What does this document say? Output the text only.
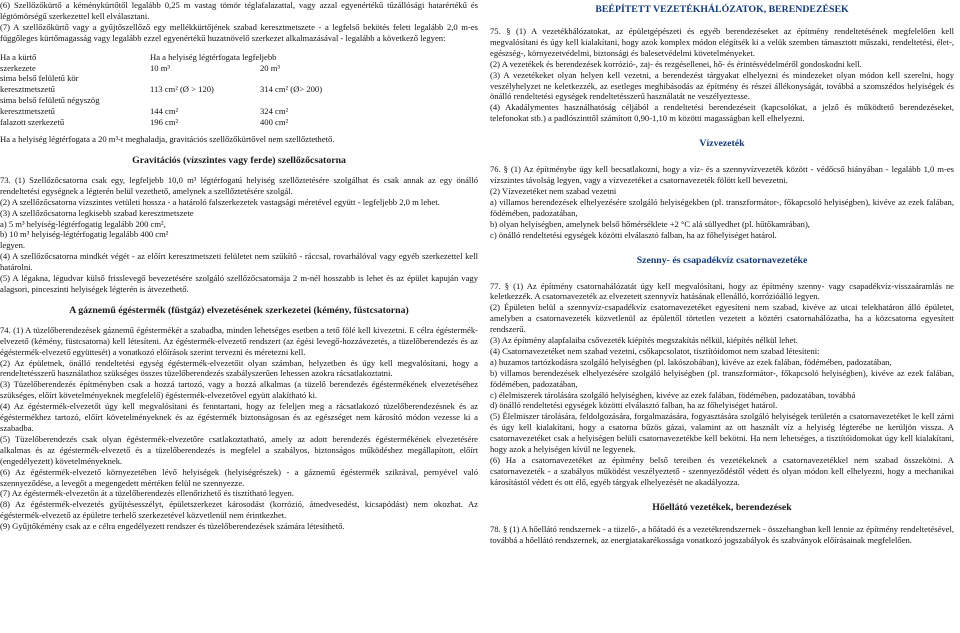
(6) Szellőzőkürtő a kéménykürtőtől legalább 0,25 m vastag tömör téglafalazattal, vagy azzal egyenértékű tűzállósági hatarértékű és légtömörségű szerkezettel kell elválasztani.

(7) A szellőzőkürtő vagy a gyűjtőszellőző egy mellékkürtőjének szabad keresztmetszete - a legfelső bekötés felett legalább 2,0 m-es függőleges kürtőmagasság vagy legalább ezzel egyenértékű huzatnövelő szerkezet alkalmazásával - legalább a következő legyen:

Ha a kürtő	Ha a helyiség légtérfogata legfeljebb	
szerkezete	10 m³	20 m³
sima belső felületű kör		
keresztmetszetű	113 cm² (Ø > 120)	314 cm² (Ø> 200)
sima belső felületű négyszög		
keresztmetszetű	144 cm²	324 cm²
falazott szerkezetű	196 cm²	400 cm²

Ha a helyiség légtérfogata a 20 m³-t meghaladja, gravitációs szellőzőkürtővel nem szellőztethető.

Gravitációs (vízszintes vagy ferde) szellőzőcsatorna

73. (1) Szellőzőcsatorna csak egy, legfeljebb 10,0 m³ légtérfogatú helyiség szellőztetésére szolgálhat és csak annak az egy önálló rendeltetési egységnek a légterén belül vezethető, amelynek a szellőztetésére szolgál.

(2) A szellőzőcsatorna vízszintes vetületi hossza - a határoló falszerkezetek vastagsági méretével együtt - legfeljebb 2,0 m lehet.

(3) A szellőzőcsatorna legkisebb szabad keresztmetszete

a) 5 m³ helyiség-légtérfogatig legalább 200 cm²,

b) 10 m³ helyiség-légtérfogatig legalább 400 cm²

legyen.

(4) A szellőzőcsatorna mindkét végét - az előírt keresztmetszeti felületet nem szűkítő - ráccsal, rovarhálóval vagy egyéb szerkezettel kell határolni.

(5) A légakna, légudvar külső frisslevegő bevezetésére szolgáló szellőzőcsatornája 2 m-nél hosszabb is lehet és az épület kapuján vagy alagsori, pinceszinti helyiségek légterén is átvezethető.

A gáznemű égéstermék (füstgáz) elvezetésének szerkezetei (kémény, füstcsatorna)

74. (1) A tüzelőberendezések gáznemű égéstermékét a szabadba, minden lehetséges esetben a tető fölé kell kivezetni. E célra égéstermék-elvezető (kémény, füstcsatorna) kell létesíteni. Az égéstermék-elvezető rendszert (az égési levegő-hozzávezetés, a tüzelőberendezés és az égéstermék-elvezető együttesét) a vonatkozó előírások szerint tervezni és méretezni kell.

(2) Az épületnek, önálló rendeltetési egység égéstermék-elvezetőit olyan számban, helyzetben és úgy kell megvalósítani, hogy a rendeltetésszerű használathoz szükséges összes tüzelőberendezés szabályszerűen lehessen azokra rácsatlakoztatni.

(3) Tüzelőberendezés építményben csak a hozzá tartozó, vagy a hozzá alkalmas (a tüzelő berendezés égéstermékének elvezetéséhez szükséges, előírt követelményeknek megfelelő) égéstermék-elvezetővel együtt alakítható ki.

(4) Az égéstermék-elvezetőt úgy kell megvalósítani és fenntartani, hogy az feleljen meg a rácsatlakozó tüzelőberendezésnek és az égéstermékhez tartozó, előírt követelményeknek és az égéstermék biztonságosan és az egészséget nem károsító módon vezesse ki a szabadba.

(5) Tüzelőberendezés csak olyan égéstermék-elvezetőre csatlakoztatható, amely az adott berendezés égéstermékének elvezetésére alkalmas és az égéstermék-elvezető és a tüzelőberendezés is megfelel a szabályos, biztonságos működéshez megállapított, előírt (engedélyezett) követelményeknek.

(6) Az égéstermék-elvezető környezetében lévő helyiségek (helyiségrészek) - a gáznemű égéstermék szikrával, pernyével való szennyeződése, a levegőt a megengedett mértéken felül ne szennyezze.

(7) Az égéstermék-elvezetőn át a tüzelőberendezés ellenőrizhető és tisztítható legyen.

(8) Az égéstermék-elvezetés gyűjtésesszélyt, épületszerkezet károsodást (korrózió, átnedvesedést, kicsapódást) nem okozhat. Az égéstermék-elvezető az épületre terhelő szerkezetével közvetlenül nem érintkezhet.

(9) Gyűjtőkémény csak az e célra engedélyezett rendszer és tüzelőberendezések számára létesíthető.

BEÉPÍTETT VEZETÉKHÁLÓZATOK, BERENDEZÉSEK

75. § (1) A vezetékhálózatokat, az épületgépészeti és egyéb berendezéseket az építmény rendeltetésének megfelelően kell megvalósítani és úgy kell kialakítani, hogy azok komplex módon elégítsék ki a velük szemben támasztott műszaki, rendeltetési, élet-, egészség-, környezetvédelmi, biztonsági és balesetvédelmi követelményeket.

(2) A vezetékek és berendezések korrózió-, zaj- és rezgésellenei, hő- és érintésvédelméről gondoskodni kell.

(3) A vezetékeket olyan helyen kell vezetni, a berendezést tárgyakat elhelyezni és mindezeket olyan módon kell szerelni, hogy veszélyhelyzet ne keletkezzék, az esetleges meghibásodás az építmény és részei állékonyságát, továbbá a szomszédos helyiségek és önálló rendeltetési egységek rendeltetésszerű használatát ne veszélyeztesse.

(4) Akadálymentes használhatóság céljából a rendeltetési berendezéseit (kapcsolókat, a jelző és működtető berendezéseket, telefonokat stb.) a padlószinttől számított 0,90-1,10 m közötti magasságban kell elhelyezni.

Vízvezeték

76. § (1) Az építménybe úgy kell becsatlakozni, hogy a víz- és a szennyvízvezeték között - védőcső hiányában - legalább 1,0 m-es vízszintes távolság legyen, vagy a vízvezetéket a csatornavezeték fölött kell bevezetni.

(2) Vízvezetéket nem szabad vezetni

a) villamos berendezések elhelyezésére szolgáló helyiségekben (pl. transzformátor-, főkapcsoló helyiségben), kivéve az ezek falában, födémében, padozatában,

b) olyan helyiségben, amelynek belső hőmérséklete +2 °C alá süllyedhet (pl. hűtőkamrában),

c) önálló rendeltetési egységek közötti elválasztó falban, ha az főhelyiséget határol.

Szenny- és csapadékvíz csatornavezetéke

77. § (1) Az építmény csatornahálózatát úgy kell megvalósítani, hogy az építmény szenny- vagy csapadékvíz-visszaáramlás ne keletkezzék. A csatornavezeték az elvezetett szennyvíz hatásának ellenálló, korrózióálló legyen.

(2) Épületen belül a szennyvíz-csapadékvíz csatornavezetéket egyesíteni nem szabad, kivéve az utcai telekhatáron álló épületet, amelyben a csatornavezeték közvetlenül az épülettől törtetlen vezetett a köztéri csatornahálózatba, ha a közcsatorna egyesített rendszerű.

(3) Az építmény alapfalaiba csővezeték kiépítés megszakítás nélkül, kiépítés nélkül lehet.

(4) Csatornavezetéket nem szabad vezetni, csőkapcsolatot, tisztítóidomot nem szabad létesíteni:

a) huzamos tartózkodásra szolgáló helyiségben (pl. lakószobában), kivéve az ezek falában, födémében, padozatában,

b) villamos berendezések elhelyezésére szolgáló helyiségben (pl. transzformátor-, főkapcsoló helyiségben), kivéve az ezek falában, födémében, padozatában,

c) élelmiszerek tárolására szolgáló helyiségben, kivéve az ezek falában, födémében, padozatában, továbbá

d) önálló rendeltetési egységek közötti elválasztó falban, ha az főhelyiséget határol.

(5) Élelmiszer tárolására, feldolgozására, forgalmazására, fogyasztására szolgáló helyiségek területén a csatornavezetéket le kell zárni és úgy kell kialakítani, hogy a csatorna bűzös gázai, valamint az ott használt víz a helyiség légterébe ne kerüljön vissza. A csatornavezetéket csak a helyiségen belüli csatornavezetékbe kell bekötni. Ha nem lehetséges, a tisztítóidomokat úgy kell kialakítani, hogy azok a helyiségen kívül ne legyenek.

(6) Ha a csatornavezetéket az építmény belső tereiben és vezetékeknek a csatornavezetékkel nem szabad összekötni. A csatornavezeték - a szabályos működést veszélyeztető - szennyeződéstől védett és olyan módon kell elhelyezni, hogy a mechanikai károsítástól védett és ott élő, egyéb tárgyak elhelyezését ne akadályozza.

Hőellátó vezetékek, berendezések

78. § (1) A hőellátó rendszernek - a tüzelő-, a hőátadó és a vezetékrendszernek - összehangban kell lennie az építmény rendeltetésével, továbbá a hőellátó rendszernek, az energiatakarékossága vonatkozó jogszabályok és szabványok előírásainak megfelelően.
